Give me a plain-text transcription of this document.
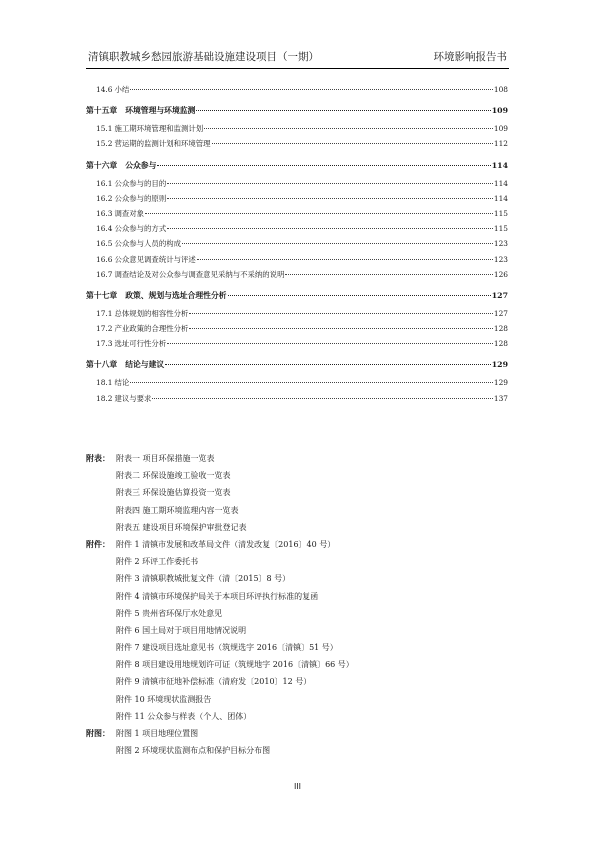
清镇职教城乡愁园旅游基础设施建设项目（一期）	环境影响报告书
14.6 小结	108
第十五章 环境管理与环境监测	109
15.1 施工期环境管理和监测计划	109
15.2 营运期的监测计划和环境管理	112
第十六章 公众参与	114
16.1 公众参与的目的	114
16.2 公众参与的原则	114
16.3 调查对象	115
16.4 公众参与的方式	115
16.5 公众参与人员的构成	123
16.6 公众意见调查统计与评述	123
16.7 调查结论及对公众参与调查意见采纳与不采纳的说明	126
第十七章 政策、规划与选址合理性分析	127
17.1 总体规划的相容性分析	127
17.2 产业政策的合理性分析	128
17.3 选址可行性分析	128
第十八章 结论与建议	129
18.1 结论	129
18.2 建议与要求	137
附表： 附表一 项目环保措施一览表
附表二 环保设施竣工验收一览表
附表三 环保设施估算投资一览表
附表四 施工期环境监理内容一览表
附表五 建设项目环境保护审批登记表
附件： 附件 1 清镇市发展和改革局文件（清发改复〔2016〕40 号）
附件 2 环评工作委托书
附件 3 清镇职教城批复文件（清〔2015〕8 号）
附件 4 清镇市环境保护局关于本项目环评执行标准的复函
附件 5 贵州省环保厅水处意见
附件 6 国土局对于项目用地情况说明
附件 7 建设项目选址意见书（筑规选字 2016〔清镇〕51 号）
附件 8 项目建设用地规划许可证（筑规地字 2016〔清镇〕66 号）
附件 9 清镇市征地补偿标准（清府发〔2010〕12 号）
附件 10 环境现状监测报告
附件 11 公众参与样表（个人、团体）
附图： 附图 1 项目地理位置图
附图 2 环境现状监测布点和保护目标分布图
III
